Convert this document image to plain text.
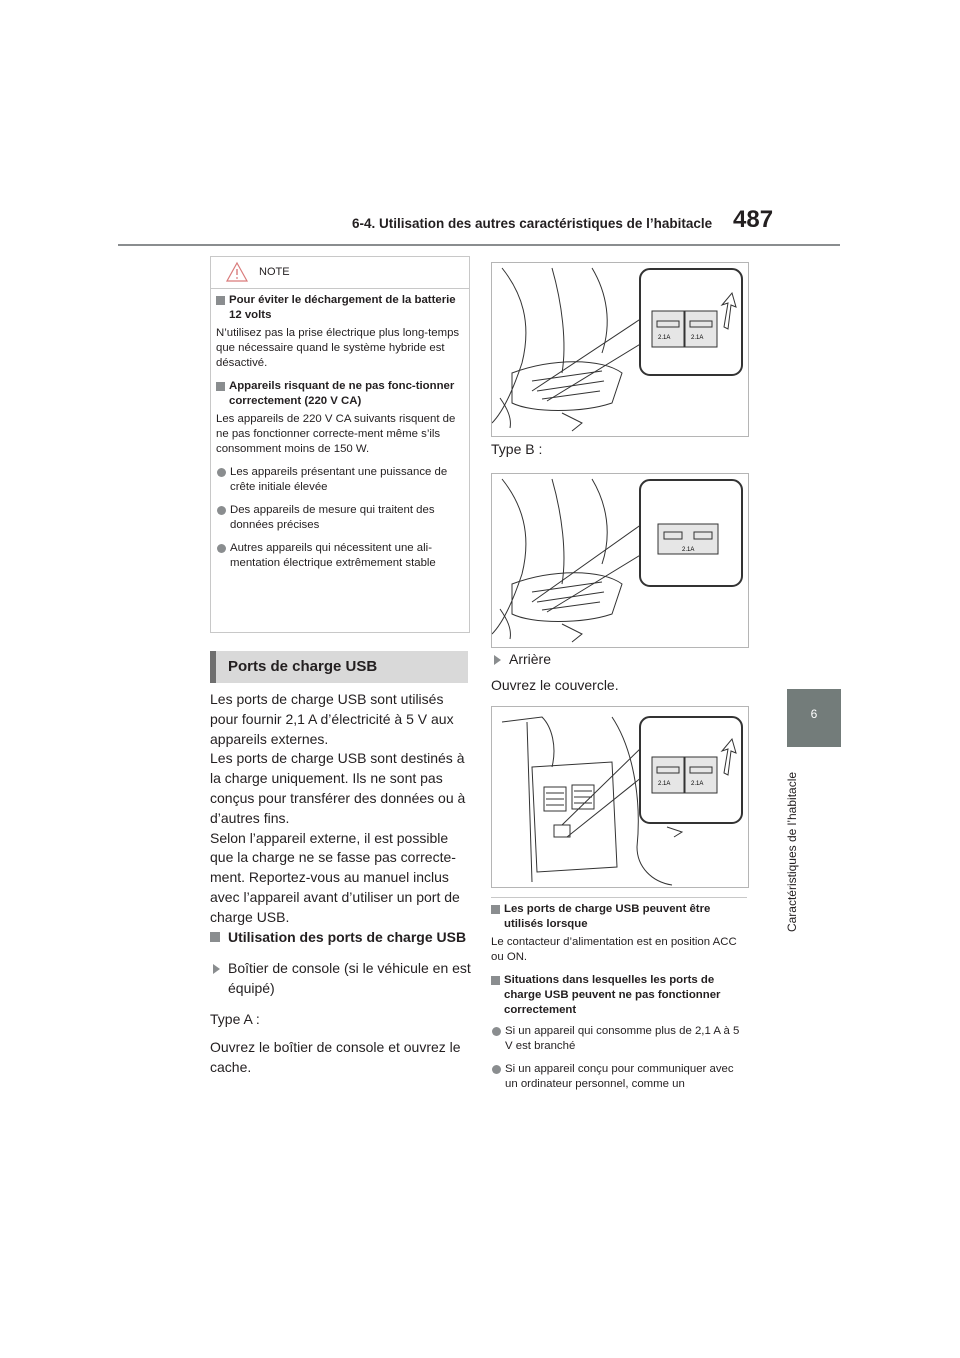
6-4. Utilisation des autres caractéristiques de l’habitacle 487
6
Caractéristiques de l’habitacle
NOTE
Pour éviter le déchargement de la batterie 12 volts
N’utilisez pas la prise électrique plus long-temps que nécessaire quand le système hybride est désactivé.
Appareils risquant de ne pas fonc-tionner correctement (220 V CA)
Les appareils de 220 V CA suivants risquent de ne pas fonctionner correcte-ment même s’ils consomment moins de 150 W.
Les appareils présentant une puissance de crête initiale élevée
Des appareils de mesure qui traitent des données précises
Autres appareils qui nécessitent une ali-mentation électrique extrêmement stable
Ports de charge USB
Les ports de charge USB sont utilisés pour fournir 2,1 A d’électricité à 5 V aux appareils externes.
Les ports de charge USB sont destinés à la charge uniquement. Ils ne sont pas conçus pour transférer des données ou à d’autres fins.
Selon l’appareil externe, il est possible que la charge ne se fasse pas correcte-ment. Reportez-vous au manuel inclus avec l’appareil avant d’utiliser un port de charge USB.
Utilisation des ports de charge USB
Boîtier de console (si le véhicule en est équipé)
Type A :
Ouvrez le boîtier de console et ouvrez le cache.
2.1A	2.1A
Type B :
2.1A
Arrière
Ouvrez le couvercle.
2.1A	2.1A
Les ports de charge USB peuvent être utilisés lorsque
Le contacteur d’alimentation est en position ACC ou ON.
Situations dans lesquelles les ports de charge USB peuvent ne pas fonctionner correctement
Si un appareil qui consomme plus de 2,1 A à 5 V est branché
Si un appareil conçu pour communiquer avec un ordinateur personnel, comme un
